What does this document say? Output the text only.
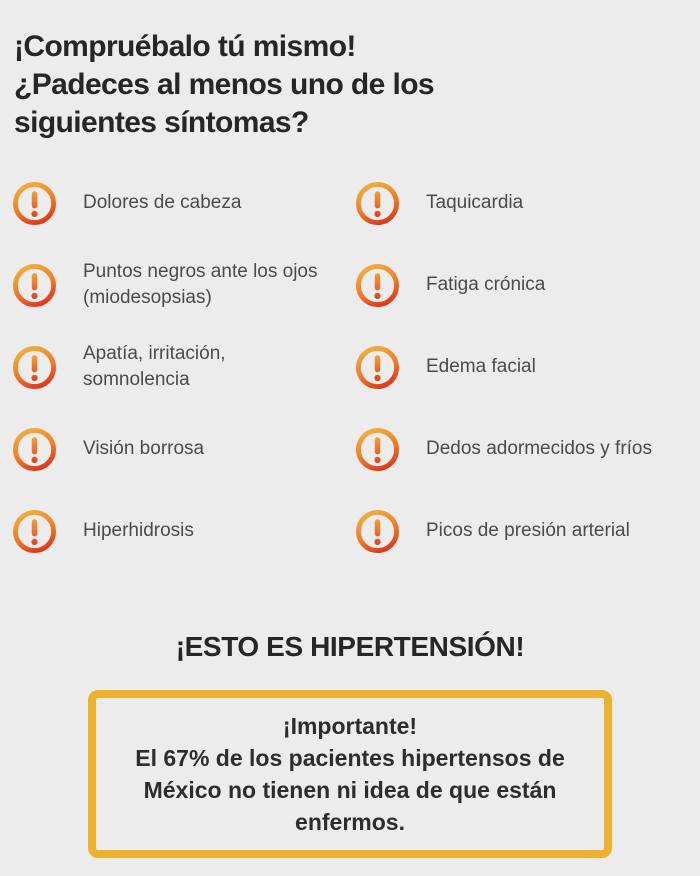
¡Compruébalo tú mismo!
¿Padeces al menos uno de los
siguientes síntomas?
Dolores de cabeza
Puntos negros ante los ojos (miodesopsias)
Apatía, irritación, somnolencia
Visión borrosa
Hiperhidrosis
Taquicardia
Fatiga crónica
Edema facial
Dedos adormecidos y fríos
Picos de presión arterial
¡ESTO ES HIPERTENSIÓN!
¡Importante!
El 67% de los pacientes hipertensos de
México no tienen ni idea de que están
enfermos.
